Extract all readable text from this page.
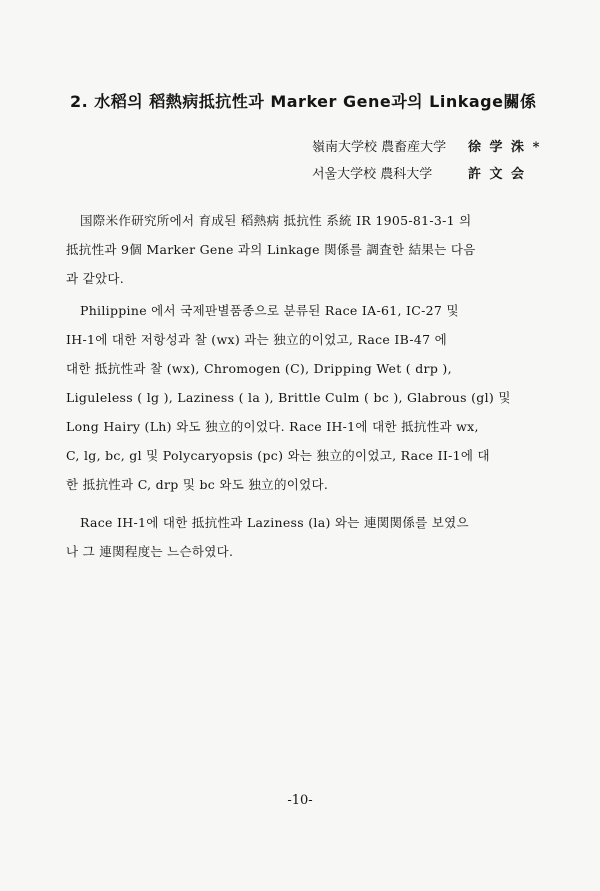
2. 水稻의 稻熱病抵抗性과 Marker Gene과의 Linkage關係
嶺南大学校 農畜産大学 徐 学 洙 *
서울大学校 農科大学	許 文 会
国際米作研究所에서 育成된 稻熱病 抵抗性 系統 IR 1905-81-3-1 의
抵抗性과 9個 Marker Gene 과의 Linkage 関係를 調査한 結果는 다음
과 같았다.
Philippine 에서 국제판별품종으로 분류된 Race IA-61, IC-27 및
IH-1에 대한 저항성과 찰 (wx) 과는 独立的이었고, Race IB-47 에
대한 抵抗性과 찰 (wx), Chromogen (C), Dripping Wet ( drp ),
Liguleless ( lg ), Laziness ( la ), Brittle Culm ( bc ), Glabrous (gl) 및
Long Hairy (Lh) 와도 独立的이었다. Race IH-1에 대한 抵抗性과 wx,
C, lg, bc, gl 및 Polycaryopsis (pc) 와는 独立的이었고, Race II-1에 대
한 抵抗性과 C, drp 및 bc 와도 独立的이었다.
Race IH-1에 대한 抵抗性과 Laziness (la) 와는 連関関係를 보였으
나 그 連関程度는 느슨하였다.
-10-
